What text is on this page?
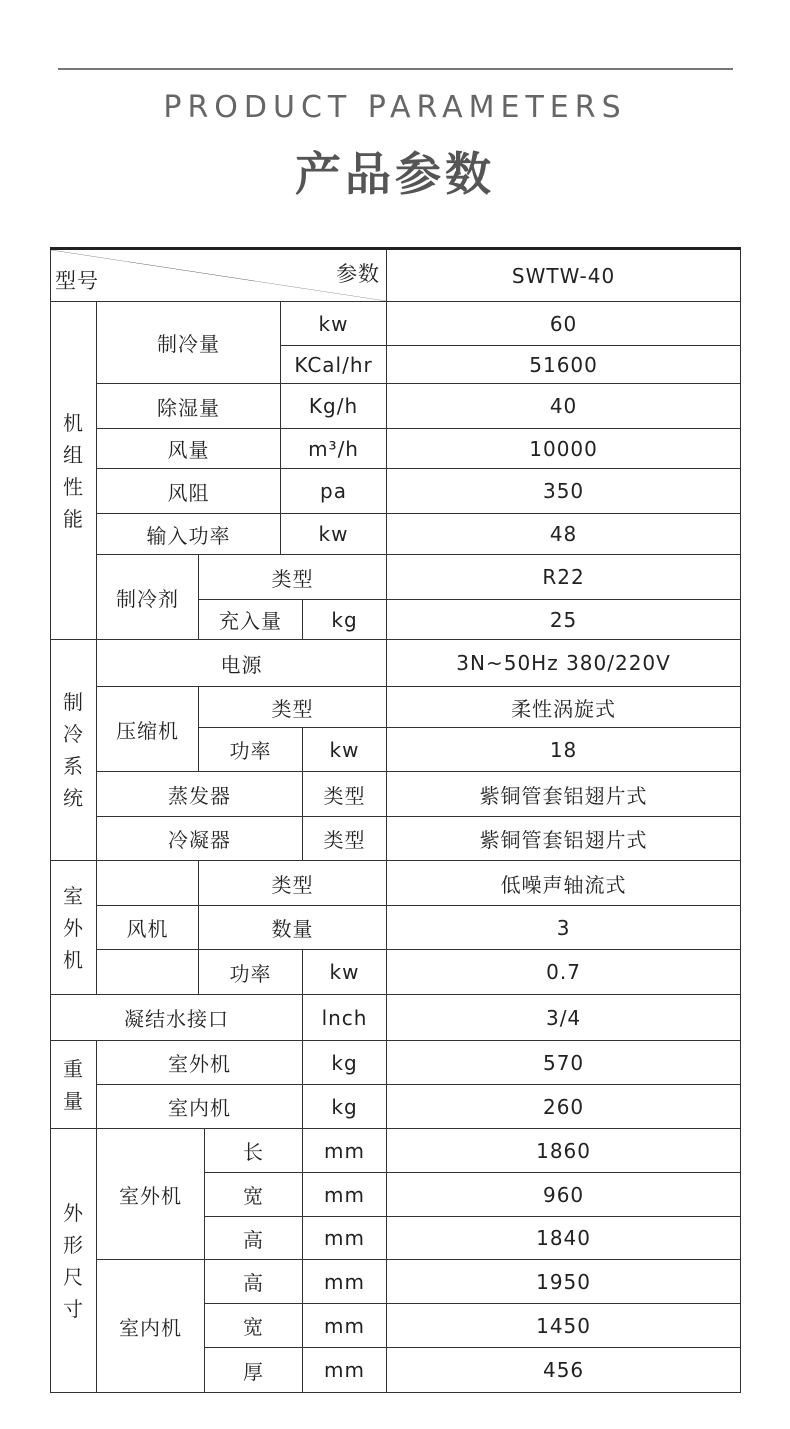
PRODUCT PARAMETERS
产品参数
型号 参数						SWTW-40

机
组
性
能	制冷量			kw		60
				KCal/hr		51600
	除湿量			Kg/h		40
	风量			m³/h		10000
	风阻			pa		350
	输入功率			kw		48
	制冷剂	类型				R22
		充入量			kg	25

制
冷
系
统	电源					3N~50Hz 380/220V
	压缩机	类型				柔性涡旋式
		功率			kw	18
	蒸发器				类型	紫铜管套铝翅片式
	冷凝器				类型	紫铜管套铝翅片式

室
外
机		类型				低噪声轴流式
	风机	数量				3
		功率			kw	0.7
凝结水接口					lnch	3/4

重
量	室外机				kg	570
	室内机				kg	260

外
形
尺
寸	室外机		长		mm	1860
			宽		mm	960
			高		mm	1840
	室内机		高		mm	1950
			宽		mm	1450
			厚		mm	456
